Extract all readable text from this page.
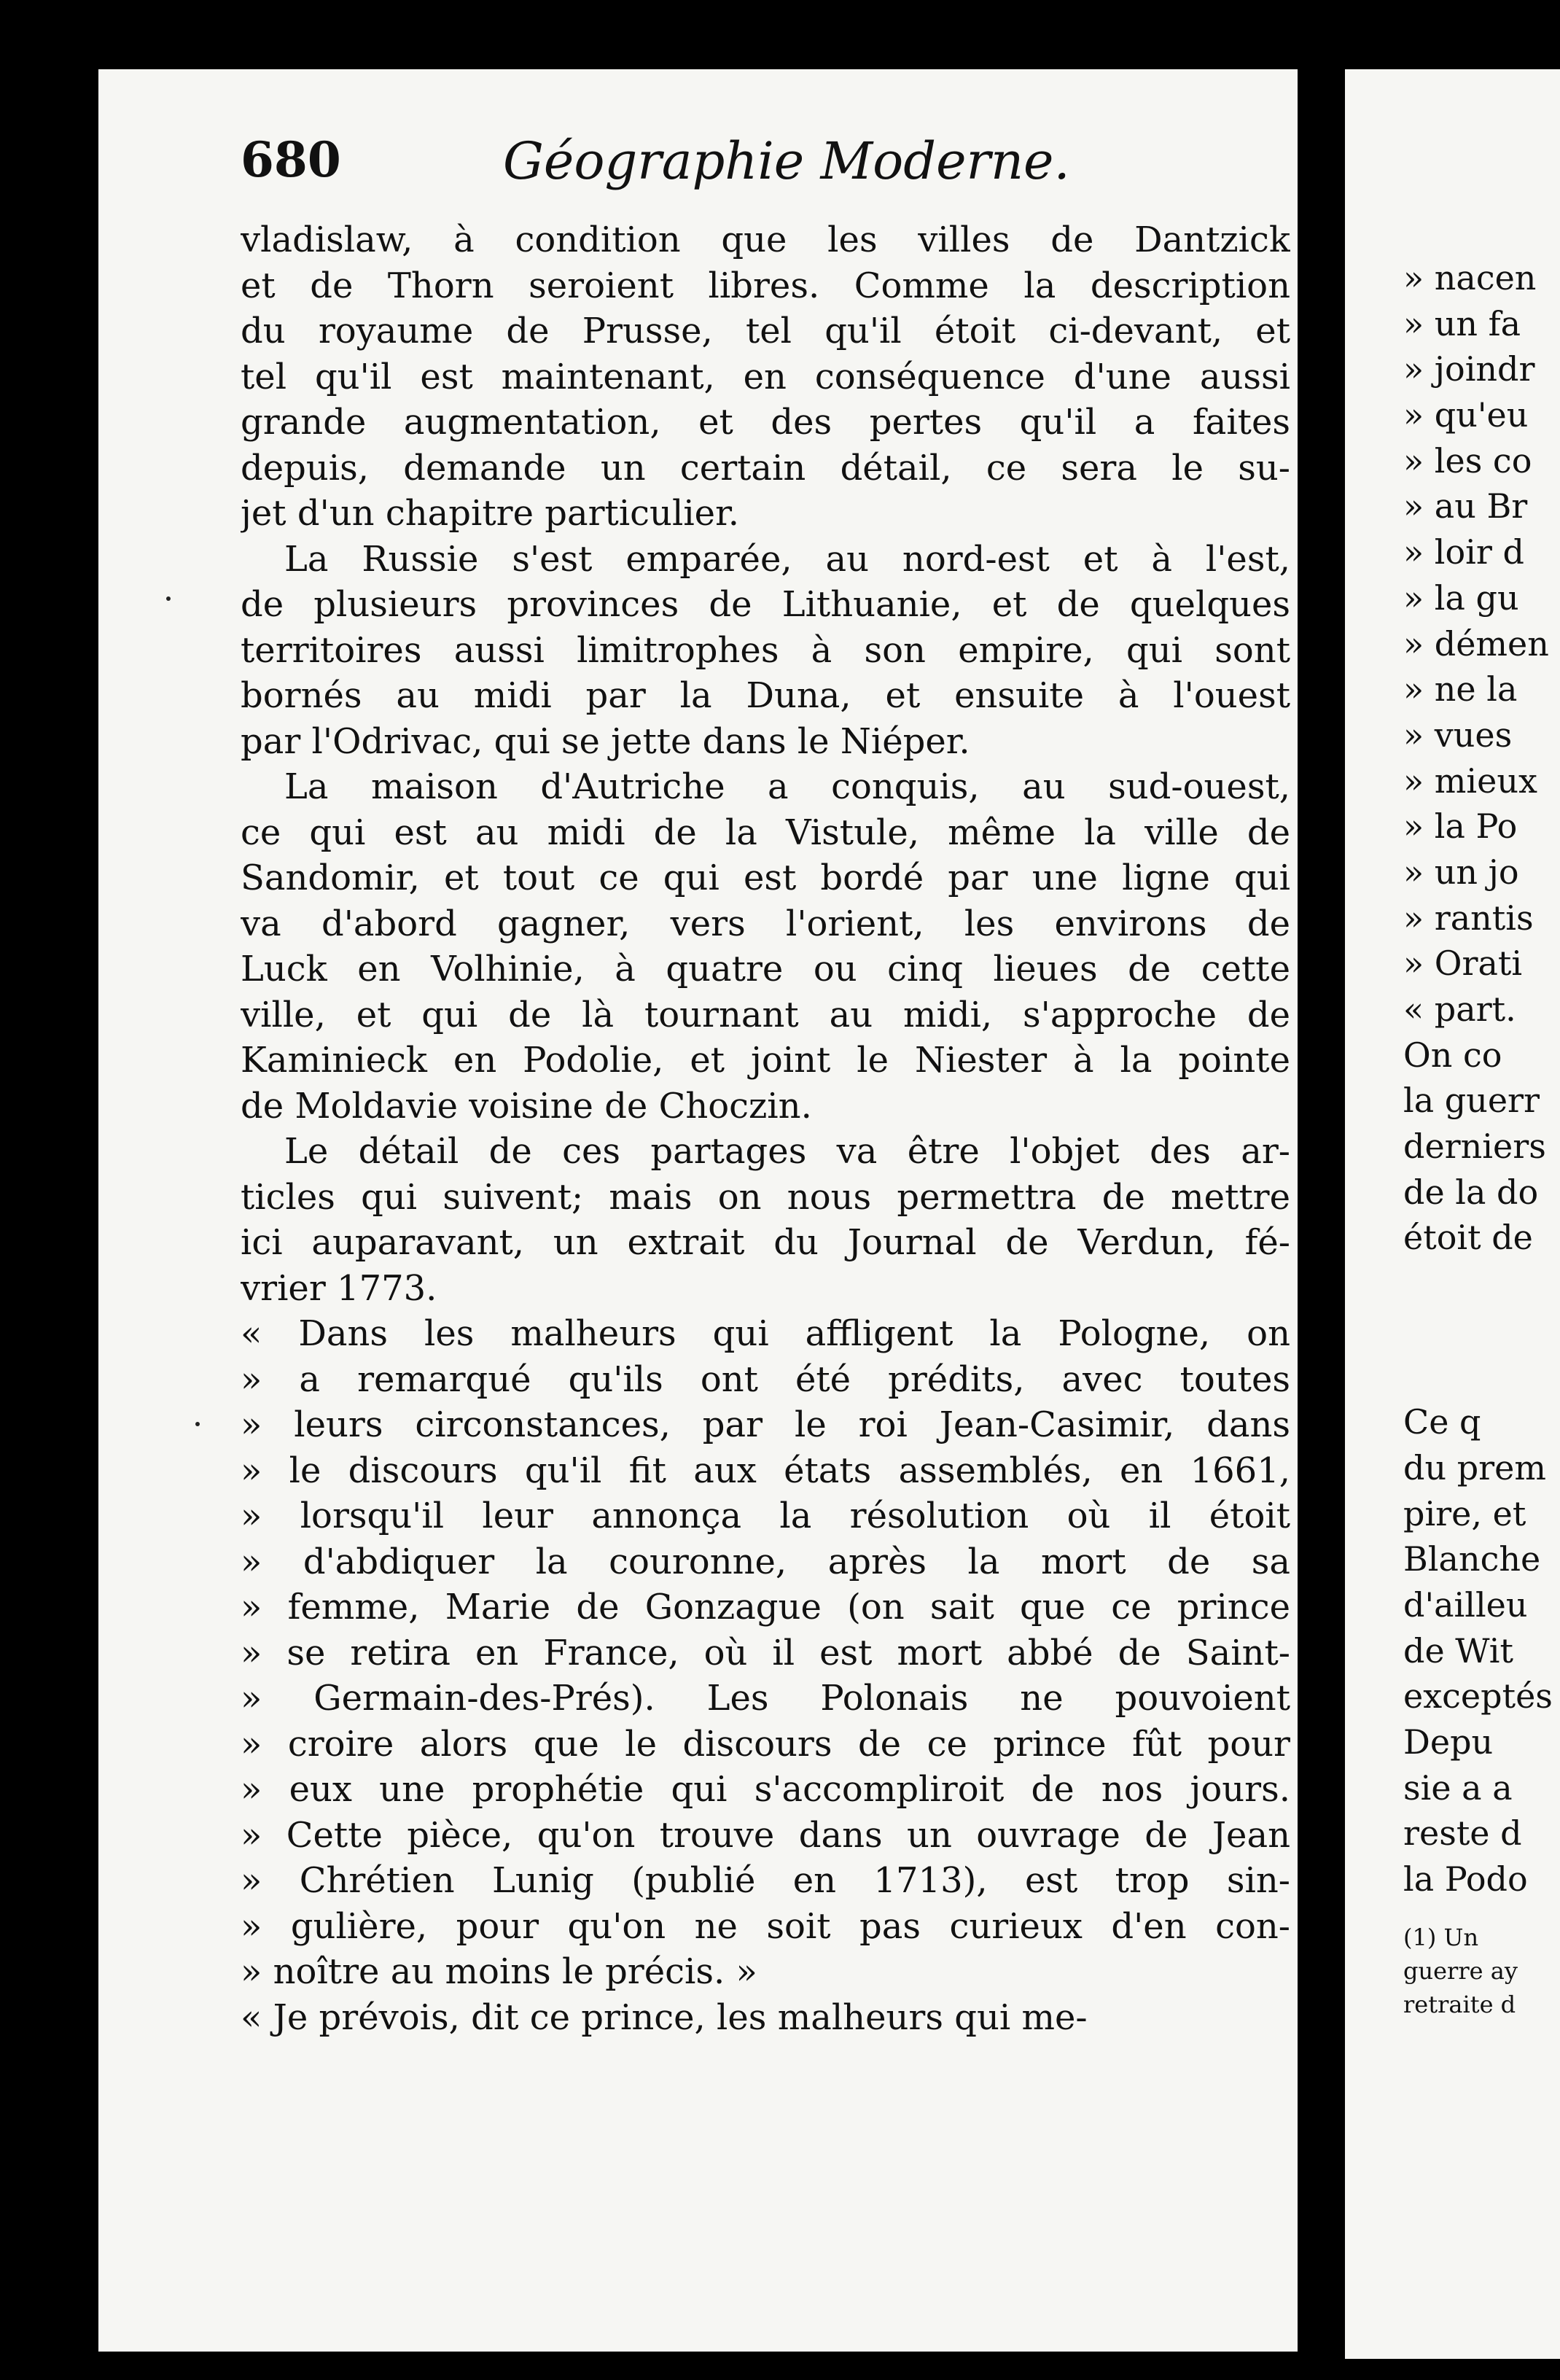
680	Géographie Moderne.
vladislaw, à condition que les villes de Dantzick
et de Thorn seroient libres. Comme la description
du royaume de Prusse, tel qu'il étoit ci-devant, et
tel qu'il est maintenant, en conséquence d'une aussi
grande augmentation, et des pertes qu'il a faites
depuis, demande un certain détail, ce sera le su-
jet d'un chapitre particulier.
La Russie s'est emparée, au nord-est et à l'est,
de plusieurs provinces de Lithuanie, et de quelques
territoires aussi limitrophes à son empire, qui sont
bornés au midi par la Duna, et ensuite à l'ouest
par l'Odrivac, qui se jette dans le Niéper.
La maison d'Autriche a conquis, au sud-ouest,
ce qui est au midi de la Vistule, même la ville de
Sandomir, et tout ce qui est bordé par une ligne qui
va d'abord gagner, vers l'orient, les environs de
Luck en Volhinie, à quatre ou cinq lieues de cette
ville, et qui de là tournant au midi, s'approche de
Kaminieck en Podolie, et joint le Niester à la pointe
de Moldavie voisine de Choczin.
Le détail de ces partages va être l'objet des ar-
ticles qui suivent; mais on nous permettra de mettre
ici auparavant, un extrait du Journal de Verdun, fé-
vrier 1773.
« Dans les malheurs qui affligent la Pologne, on
» a remarqué qu'ils ont été prédits, avec toutes
» leurs circonstances, par le roi Jean-Casimir, dans
» le discours qu'il fit aux états assemblés, en 1661,
» lorsqu'il leur annonça la résolution où il étoit
» d'abdiquer la couronne, après la mort de sa
» femme, Marie de Gonzague (on sait que ce prince
» se retira en France, où il est mort abbé de Saint-
» Germain-des-Prés). Les Polonais ne pouvoient
» croire alors que le discours de ce prince fût pour
» eux une prophétie qui s'accompliroit de nos jours.
» Cette pièce, qu'on trouve dans un ouvrage de Jean
» Chrétien Lunig (publié en 1713), est trop sin-
» gulière, pour qu'on ne soit pas curieux d'en con-
» noître au moins le précis. »
« Je prévois, dit ce prince, les malheurs qui me-
» nacen
» un fa
» joindr
» qu'eu
» les co
» au Br
» loir d
» la gu
» démen
» ne la
» vues
» mieux
» la Po
» un jo
» rantis
» Orati
« part.
On co
la guerr
derniers
de la do
étoit de
Ce q
du prem
pire, et
Blanche
d'ailleu
de Wit
exceptés
Depu
sie a a
reste d
la Podo
(1) Un
guerre ay
retraite d
